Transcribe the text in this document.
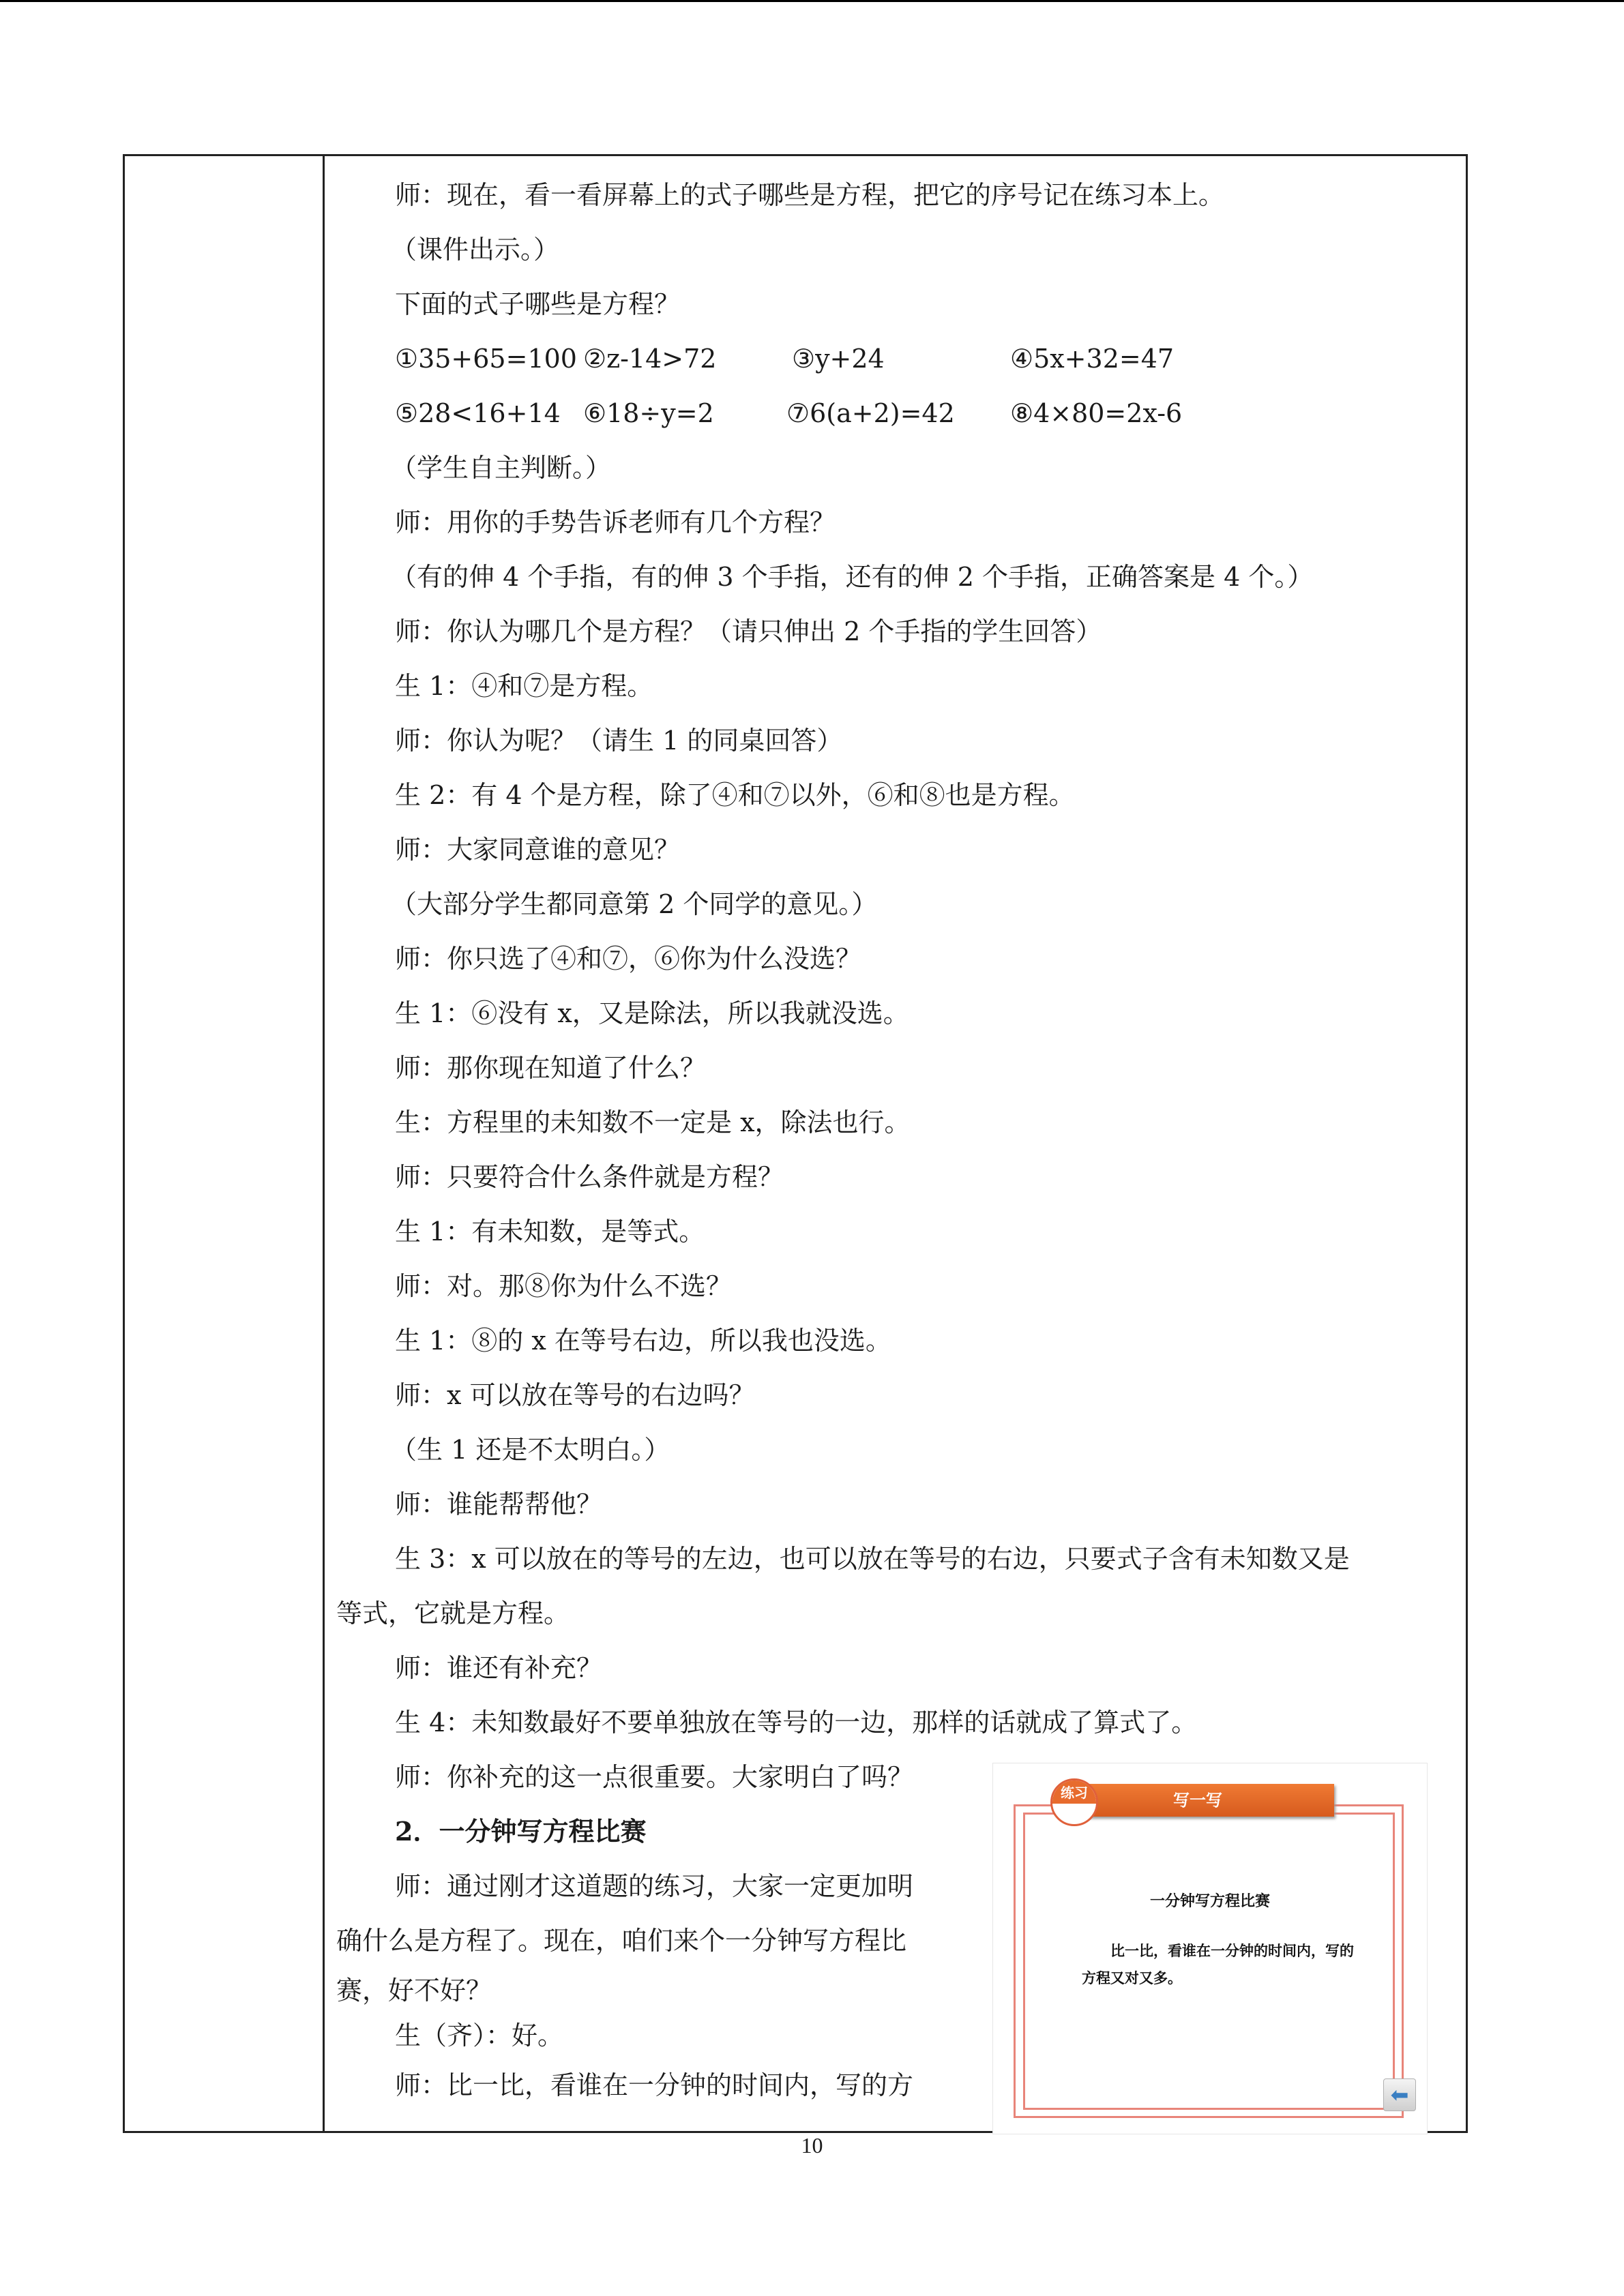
师：现在，看一看屏幕上的式子哪些是方程，把它的序号记在练习本上。
（课件出示。）
下面的式子哪些是方程？
①35+65=100 ②z-14>72	③y+24	④5x+32=47
⑤28<16+14 ⑥18÷y=2	⑦6(a+2)=42 ⑧4×80=2x-6
（学生自主判断。）
师：用你的手势告诉老师有几个方程？
（有的伸 4 个手指，有的伸 3 个手指，还有的伸 2 个手指，正确答案是 4 个。）
师：你认为哪几个是方程？（请只伸出 2 个手指的学生回答）
生 1：④和⑦是方程。
师：你认为呢？（请生 1 的同桌回答）
生 2：有 4 个是方程，除了④和⑦以外，⑥和⑧也是方程。
师：大家同意谁的意见？
（大部分学生都同意第 2 个同学的意见。）
师：你只选了④和⑦，⑥你为什么没选？
生 1：⑥没有 x，又是除法，所以我就没选。
师：那你现在知道了什么？
生：方程里的未知数不一定是 x，除法也行。
师：只要符合什么条件就是方程？
生 1：有未知数，是等式。
师：对。那⑧你为什么不选？
生 1：⑧的 x 在等号右边，所以我也没选。
师：x 可以放在等号的右边吗？
（生 1 还是不太明白。）
师：谁能帮帮他？
生 3：x 可以放在的等号的左边，也可以放在等号的右边，只要式子含有未知数又是
等式，它就是方程。
师：谁还有补充？
生 4：未知数最好不要单独放在等号的一边，那样的话就成了算式了。
师：你补充的这一点很重要。大家明白了吗？
2．一分钟写方程比赛
师：通过刚才这道题的练习，大家一定更加明
确什么是方程了。现在，咱们来个一分钟写方程比
赛，好不好？
生（齐）：好。
师：比一比，看谁在一分钟的时间内，写的方
写一写
练习
一分钟写方程比赛
比一比，看谁在一分钟的时间内，写的方程又对又多。
⬅
10
